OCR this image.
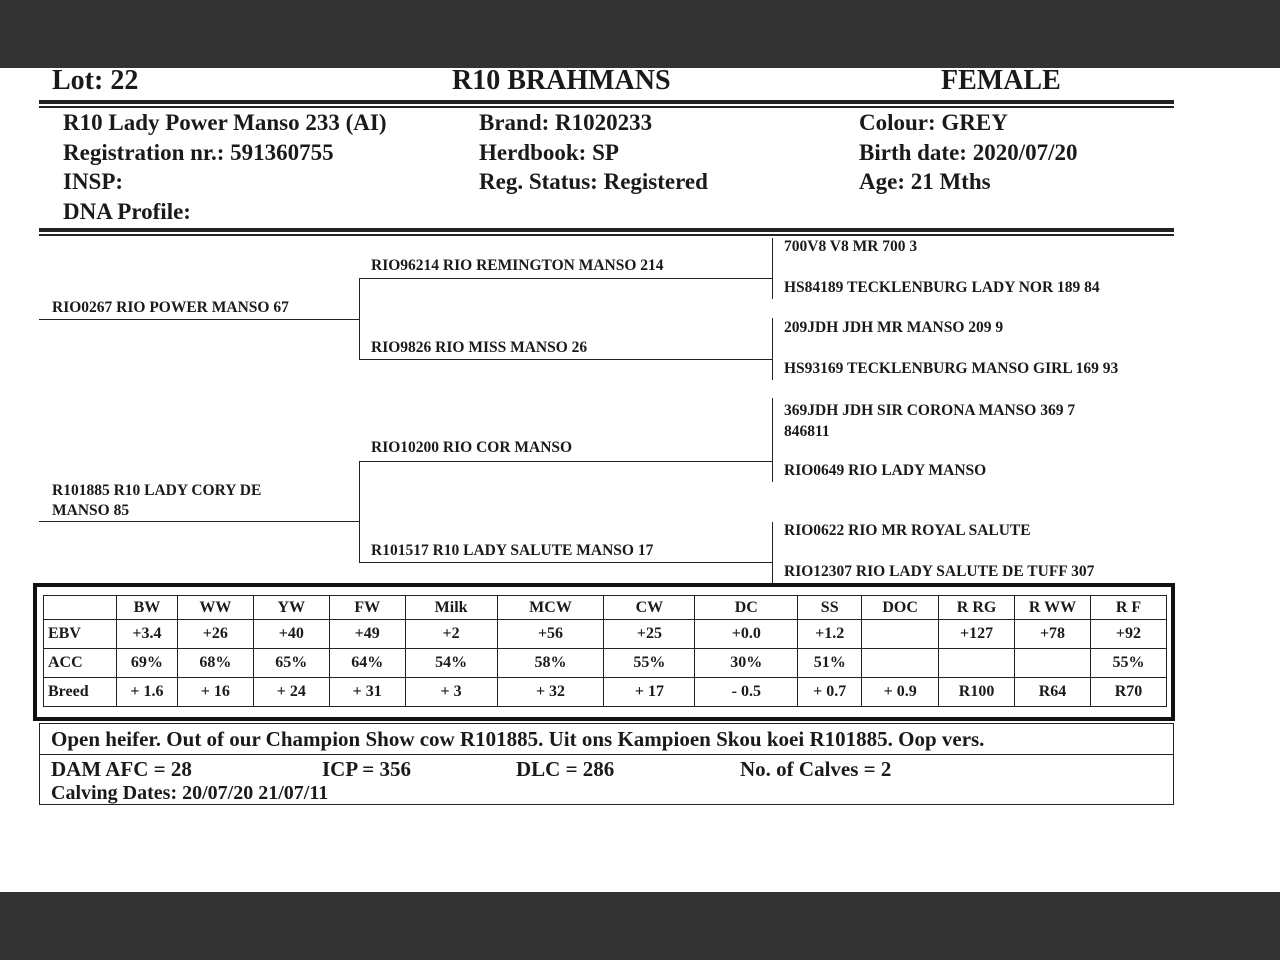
Lot: 22	R10 BRAHMANS	FEMALE
R10 Lady Power Manso 233 (AI)
Registration nr.: 591360755
INSP:
DNA Profile:
Brand: R1020233
Herdbook: SP
Reg. Status: Registered
Colour: GREY
Birth date: 2020/07/20
Age: 21 Mths
RIO0267 RIO POWER MANSO 67
R101885 R10 LADY CORY DE
MANSO 85
RIO96214 RIO REMINGTON MANSO 214
RIO9826 RIO MISS MANSO 26
RIO10200 RIO COR MANSO
R101517 R10 LADY SALUTE MANSO 17
700V8 V8 MR 700 3
HS84189 TECKLENBURG LADY NOR 189 84
209JDH JDH MR MANSO 209 9
HS93169 TECKLENBURG MANSO GIRL 169 93
369JDH JDH SIR CORONA MANSO 369 7
846811
RIO0649 RIO LADY MANSO
RIO0622 RIO MR ROYAL SALUTE
RIO12307 RIO LADY SALUTE DE TUFF 307
	BW	WW	YW	FW	Milk	MCW	CW	DC	SS	DOC	R RG	R WW	R F
EBV	+3.4	+26	+40	+49	+2	+56	+25	+0.0	+1.2		+127	+78	+92
ACC	69%	68%	65%	64%	54%	58%	55%	30%	51%				55%
Breed	+ 1.6	+ 16	+ 24	+ 31	+ 3	+ 32	+ 17	- 0.5	+ 0.7	+ 0.9	R100	R64	R70
Open heifer. Out of our Champion Show cow R101885. Uit ons Kampioen Skou koei R101885. Oop vers.
DAM AFC = 28	ICP = 356	DLC = 286	No. of Calves = 2
Calving Dates: 20/07/20 21/07/11
